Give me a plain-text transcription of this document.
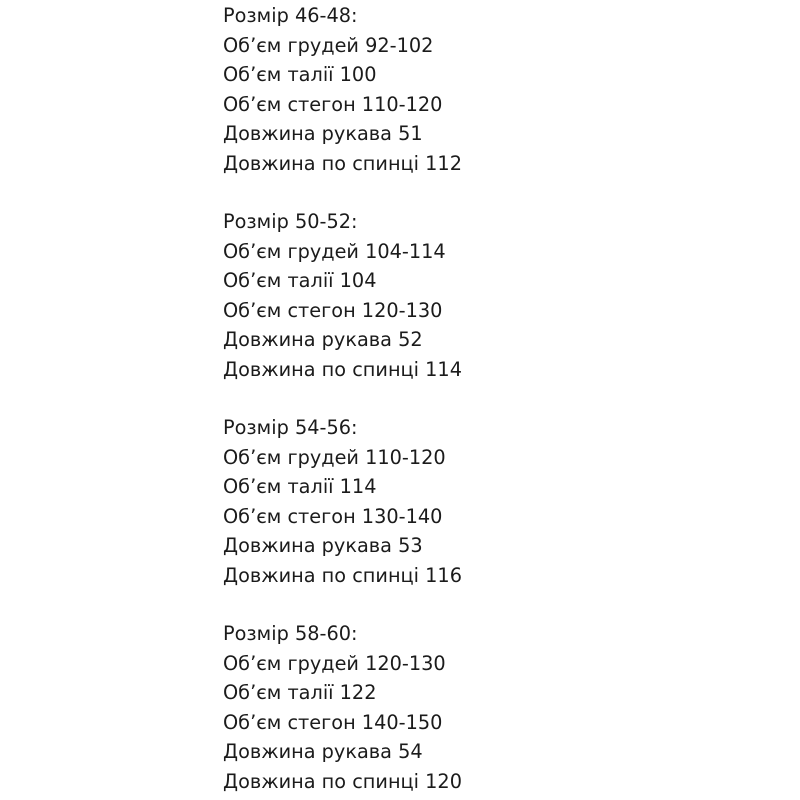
Розмір 46-48:
Об’єм грудей 92-102
Об’єм талії 100
Об’єм стегон 110-120
Довжина рукава 51
Довжина по спинці 112
Розмір 50-52:
Об’єм грудей 104-114
Об’єм талії 104
Об’єм стегон 120-130
Довжина рукава 52
Довжина по спинці 114
Розмір 54-56:
Об’єм грудей 110-120
Об’єм талії 114
Об’єм стегон 130-140
Довжина рукава 53
Довжина по спинці 116
Розмір 58-60:
Об’єм грудей 120-130
Об’єм талії 122
Об’єм стегон 140-150
Довжина рукава 54
Довжина по спинці 120
